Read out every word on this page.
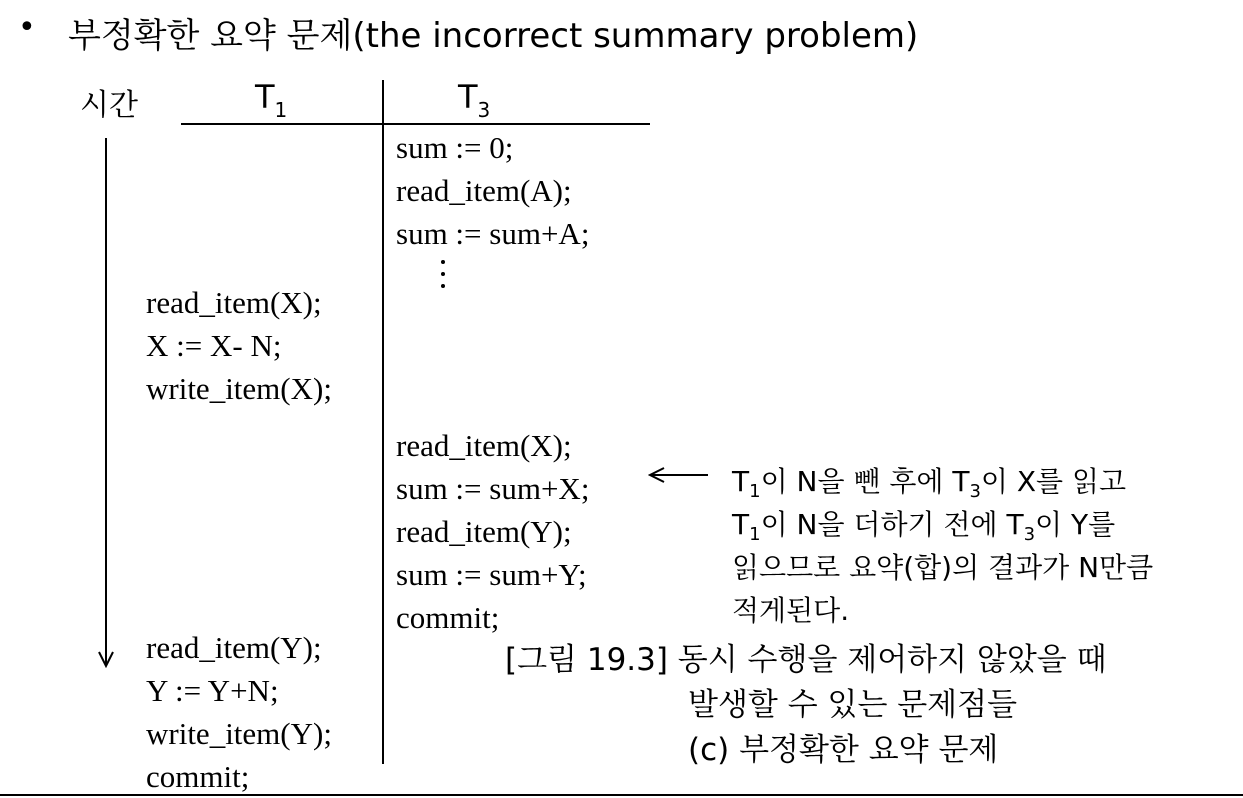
• 부정확한 요약 문제(the incorrect summary problem)
시간	$T_1$	$T_3$
sum := 0;
read_item(A);
sum := sum+A;
read_item(X);
X := X- N;
write_item(X);
read_item(X);
sum := sum+X;
read_item(Y);
sum := sum+Y;
commit;
read_item(Y);
Y := Y+N;
write_item(Y);
commit;
$T_1$이 N을 뺀 후에 $T_3$이 X를 읽고
$T_1$이 N을 더하기 전에 $T_3$이 Y를
읽으므로 요약(합)의 결과가 N만큼
적게된다.
[그림 19.3] 동시 수행을 제어하지 않았을 때
발생할 수 있는 문제점들
(c) 부정확한 요약 문제
